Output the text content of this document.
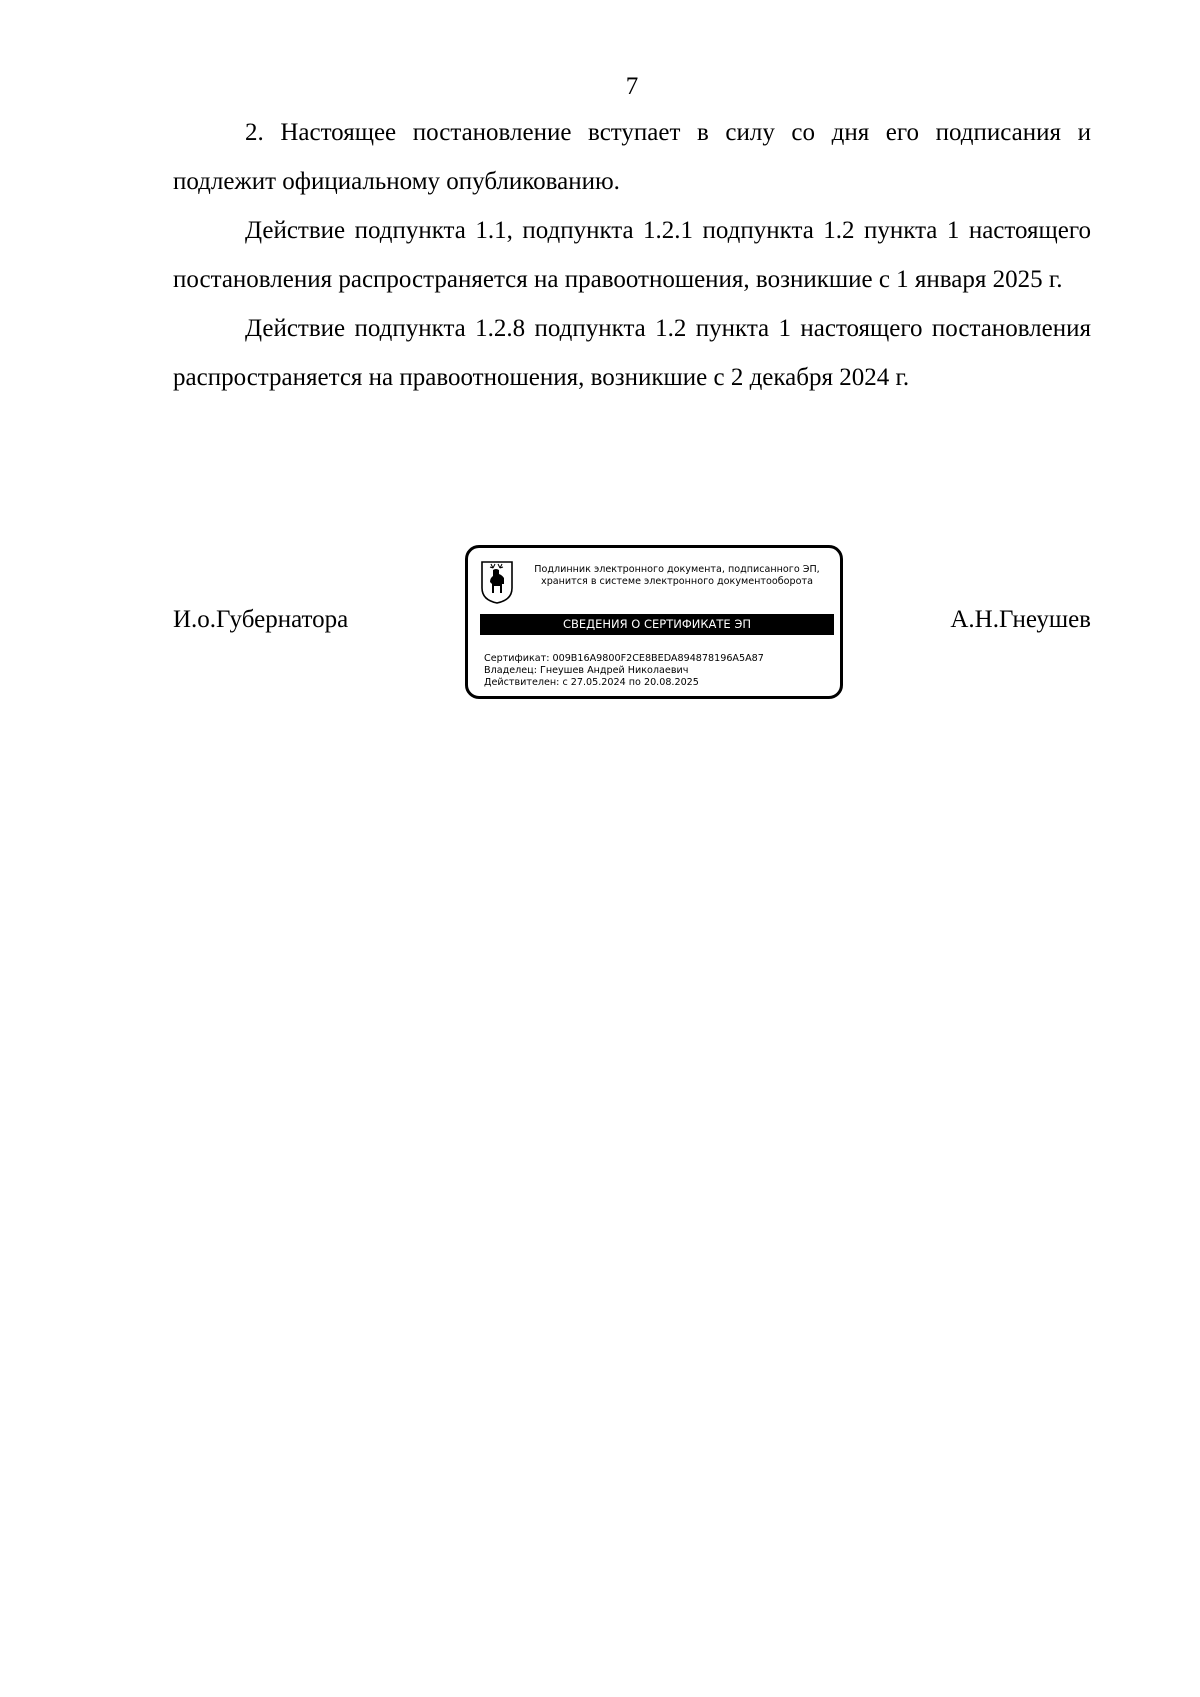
7

2. Настоящее постановление вступает в силу со дня его подписания и подлежит официальному опубликованию.

Действие подпункта 1.1, подпункта 1.2.1 подпункта 1.2 пункта 1 настоящего постановления распространяется на правоотношения, возникшие с 1 января 2025 г.

Действие подпункта 1.2.8 подпункта 1.2 пункта 1 настоящего постановления распространяется на правоотношения, возникшие с 2 декабря 2024 г.

И.о.Губернатора
Подлинник электронного документа, подписанного ЭП,
хранится в системе электронного документооборота
СВЕДЕНИЯ О СЕРТИФИКАТЕ ЭП
Сертификат: 009B16A9800F2CE8BEDA894878196A5A87
Владелец: Гнеушев Андрей Николаевич
Действителен: с 27.05.2024 по 20.08.2025
А.Н.Гнеушев
